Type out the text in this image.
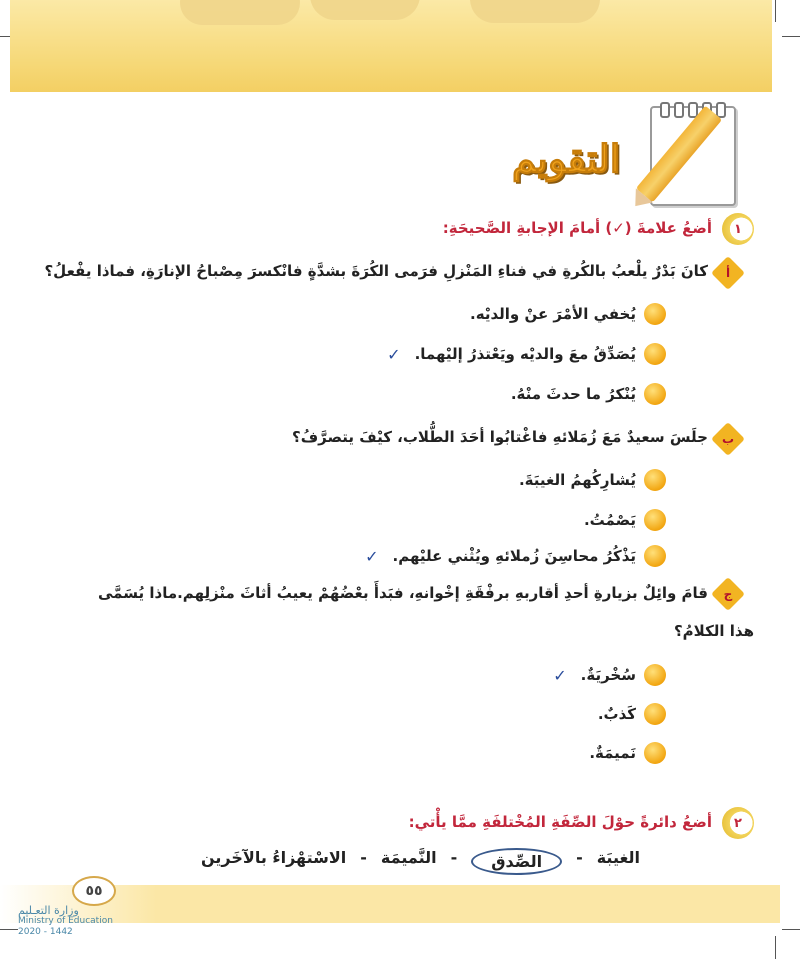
التقويم
١
أضعُ علامةَ (✓) أمامَ الإجابةِ الصَّحيحَةِ:
أ
كانَ بَدْرٌ يلْعبُ بالكُرةِ في فناءِ المَنْزلِ فرَمى الكُرَةَ بشدَّةٍ فانْكسرَ مِصْباحُ الإنارَةِ، فماذا يفْعلُ؟
يُخفي الأمْرَ عنْ والديْه.
يُصَدِّقُ معَ والديْه ويَعْتذرُ إليْهما.
✓
يُنْكرُ ما حدثَ منْهُ.
ب
جلَسَ سعيدٌ مَعَ زُمَلائهِ فاغْتابُوا أحَدَ الطُّلاب، كيْفَ يتصرَّفُ؟
يُشارِكُهمُ الغيبَةَ.
يَصْمُتُ.
يَذْكُرُ محاسِنَ زُملائهِ ويُثْني عليْهم.
✓
ج
قامَ وائِلٌ بزيارةِ أحدِ أقاربهِ برفْقَةِ إخْوانهِ، فبَدأَ بعْضُهُمْ يعيبُ أثاثَ منْزلِهم.ماذا يُسَمَّى
هذا الكلامُ؟
سُخْريَةٌ.
✓
كَذبٌ.
نَميمَةٌ.
٢
أضعُ دائرةً حوْلَ الصِّفَةِ المُخْتلفَةِ ممَّا يأْتي:
الغيبَة
-
الصِّدق
-
النَّميمَة
-
الاسْتهْزاءُ بالآخَرين
٥٥
وزارة التعـليم
Ministry of Education
2020 - 1442
